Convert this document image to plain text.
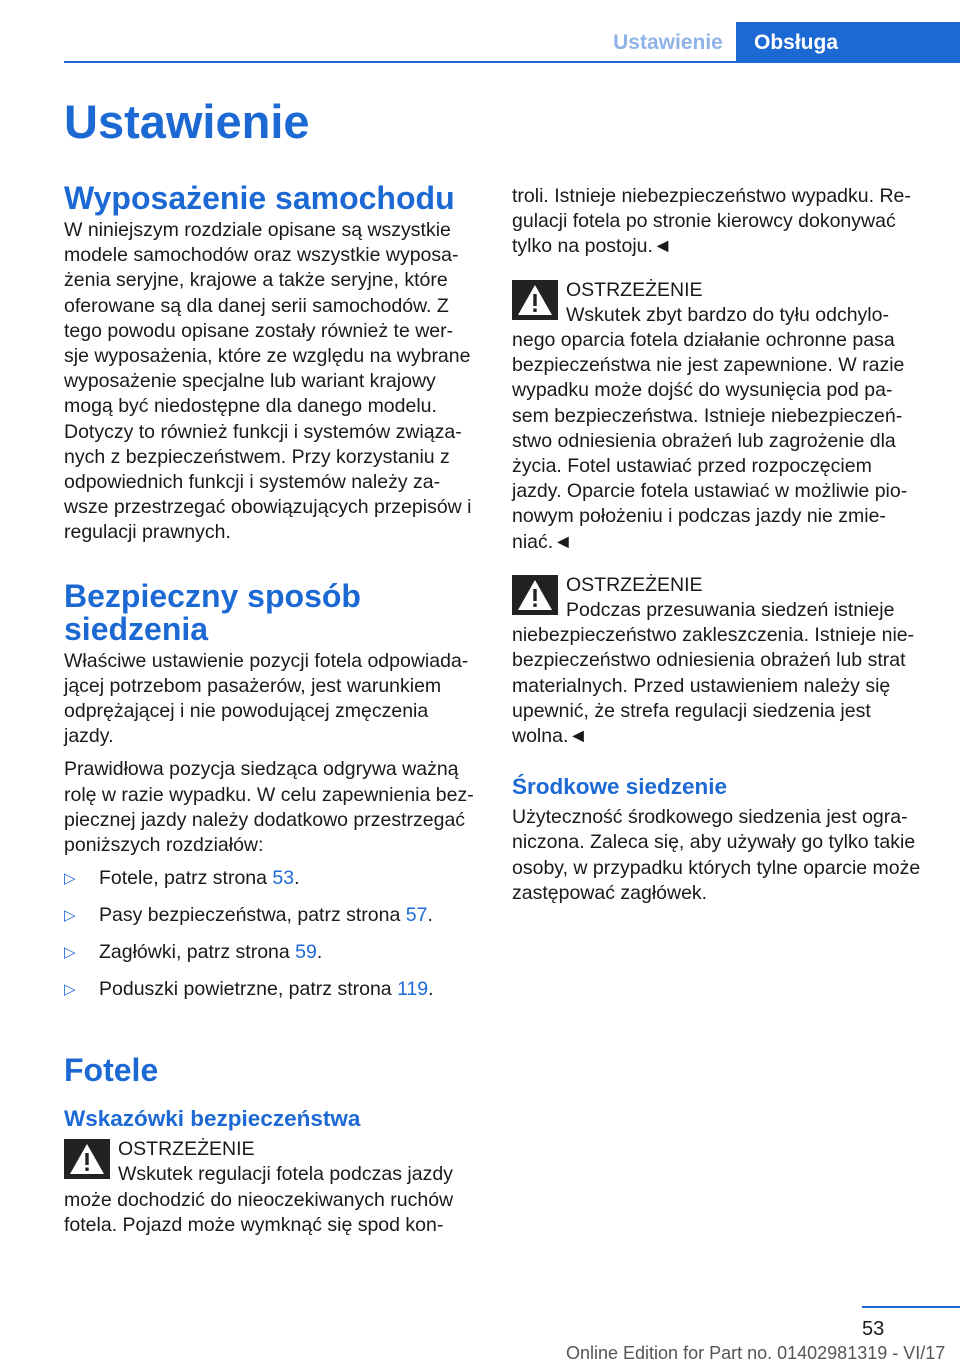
Ustawienie	Obsługa
Ustawienie
Wyposażenie samochodu

W niniejszym rozdziale opisane są wszystkie modele samochodów oraz wszystkie wyposa‐żenia seryjne, krajowe a także seryjne, które oferowane są dla danej serii samochodów. Z tego powodu opisane zostały również te wer‐sje wyposażenia, które ze względu na wybrane wyposażenie specjalne lub wariant krajowy mogą być niedostępne dla danego modelu. Dotyczy to również funkcji i systemów związa‐nych z bezpieczeństwem. Przy korzystaniu z odpowiednich funkcji i systemów należy za‐wsze przestrzegać obowiązujących przepisów i regulacji prawnych.

Bezpieczny sposób siedzenia

Właściwe ustawienie pozycji fotela odpowiada‐jącej potrzebom pasażerów, jest warunkiem odprężającej i nie powodującej zmęczenia jazdy.

Prawidłowa pozycja siedząca odgrywa ważną rolę w razie wypadku. W celu zapewnienia bez‐piecznej jazdy należy dodatkowo przestrzegać poniższych rozdziałów:

▷ Fotele, patrz strona 53.
▷ Pasy bezpieczeństwa, patrz strona 57.
▷ Zagłówki, patrz strona 59.
▷ Poduszki powietrzne, patrz strona 119.
Fotele
Wskazówki bezpieczeństwa
OSTRZEŻENIE
Wskutek regulacji fotela podczas jazdy może dochodzić do nieoczekiwanych ruchów fotela. Pojazd może wymknąć się spod kon‐

troli. Istnieje niebezpieczeństwo wypadku. Re‐gulacji fotela po stronie kierowcy dokonywać tylko na postoju.◄

OSTRZEŻENIE
Wskutek zbyt bardzo do tyłu odchylo‐nego oparcia fotela działanie ochronne pasa bezpieczeństwa nie jest zapewnione. W razie wypadku może dojść do wysunięcia pod pa‐sem bezpieczeństwa. Istnieje niebezpieczeń‐stwo odniesienia obrażeń lub zagrożenie dla życia. Fotel ustawiać przed rozpoczęciem jazdy. Oparcie fotela ustawiać w możliwie pio‐nowym położeniu i podczas jazdy nie zmie‐niać.◄
OSTRZEŻENIE
Podczas przesuwania siedzeń istnieje niebezpieczeństwo zakleszczenia. Istnieje nie‐bezpieczeństwo odniesienia obrażeń lub strat materialnych. Przed ustawieniem należy się upewnić, że strefa regulacji siedzenia jest wolna.◄
Środkowe siedzenie

Użyteczność środkowego siedzenia jest ogra‐niczona. Zaleca się, aby używały go tylko takie osoby, w przypadku których tylne oparcie może zastępować zagłówek.

53
Online Edition for Part no. 01402981319 - VI/17
